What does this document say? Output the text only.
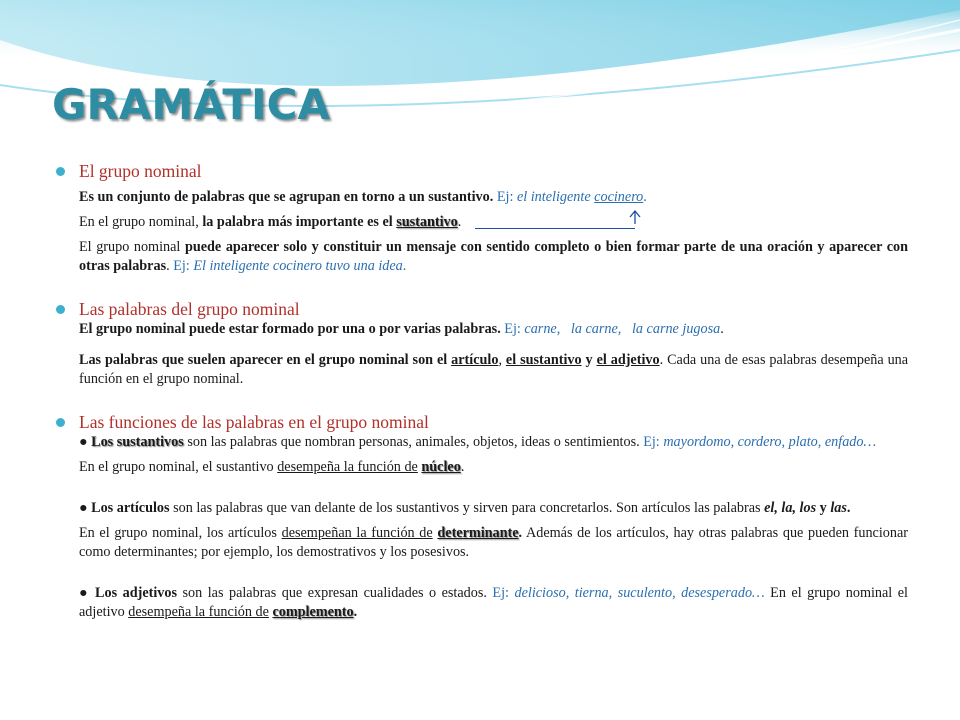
GRAMÁTICA
El grupo nominal
Es un conjunto de palabras que se agrupan en torno a un sustantivo. Ej: el inteligente cocinero.
En el grupo nominal, la palabra más importante es el sustantivo.
El grupo nominal puede aparecer solo y constituir un mensaje con sentido completo o bien formar parte de una oración y aparecer con otras palabras. Ej: El inteligente cocinero tuvo una idea.
Las palabras del grupo nominal
El grupo nominal puede estar formado por una o por varias palabras. Ej: carne,   la carne,   la carne jugosa.
Las palabras que suelen aparecer en el grupo nominal son el artículo, el sustantivo y el adjetivo. Cada una de esas palabras desempeña una función en el grupo nominal.
Las funciones de las palabras en el grupo nominal
● Los sustantivos son las palabras que nombran personas, animales, objetos, ideas o sentimientos. Ej: mayordomo, cordero, plato, enfado…
En el grupo nominal, el sustantivo desempeña la función de núcleo.
● Los artículos son las palabras que van delante de los sustantivos y sirven para concretarlos. Son artículos las palabras el, la, los y las.
En el grupo nominal, los artículos desempeñan la función de determinante. Además de los artículos, hay otras palabras que pueden funcionar    como determinantes; por ejemplo, los demostrativos y los posesivos.
● Los adjetivos son las palabras que expresan cualidades o estados. Ej: delicioso, tierna, suculento, desesperado… En el grupo nominal el adjetivo desempeña la función de complemento.
